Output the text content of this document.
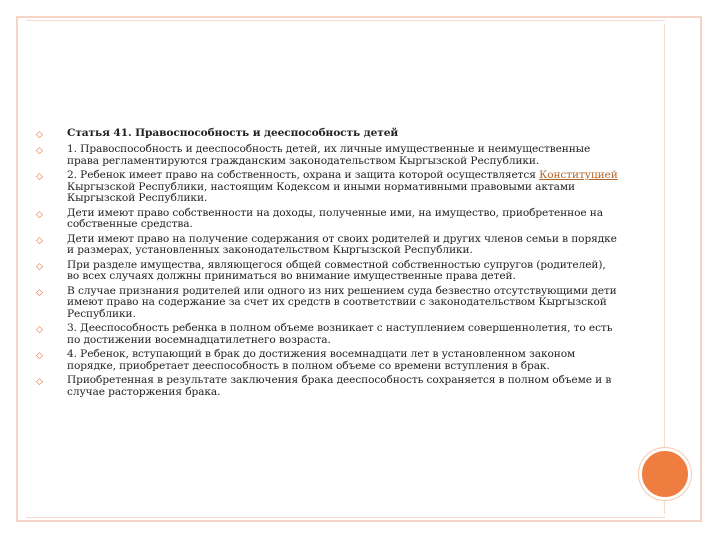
◇	Статья 41. Правоспособность и дееспособность детей
◇	1. Правоспособность и дееспособность детей, их личные имущественные и неимущественные права регламентируются гражданским законодательством Кыргызской Республики.
◇	2. Ребенок имеет право на собственность, охрана и защита которой осуществляется Конституцией Кыргызской Республики, настоящим Кодексом и иными нормативными правовыми актами Кыргызской Республики.
◇	Дети имеют право собственности на доходы, полученные ими, на имущество, приобретенное на собственные средства.
◇	Дети имеют право на получение содержания от своих родителей и других членов семьи в порядке и размерах, установленных законодательством Кыргызской Республики.
◇	При разделе имущества, являющегося общей совместной собственностью супругов (родителей), во всех случаях должны приниматься во внимание имущественные права детей.
◇	В случае признания родителей или одного из них решением суда безвестно отсутствующими дети имеют право на содержание за счет их средств в соответствии с законодательством Кыргызской Республики.
◇	3. Дееспособность ребенка в полном объеме возникает с наступлением совершеннолетия, то есть по достижении восемнадцатилетнего возраста.
◇	4. Ребенок, вступающий в брак до достижения восемнадцати лет в установленном законом порядке, приобретает дееспособность в полном объеме со времени вступления в брак.
◇	Приобретенная в результате заключения брака дееспособность сохраняется в полном объеме и в случае расторжения брака.
